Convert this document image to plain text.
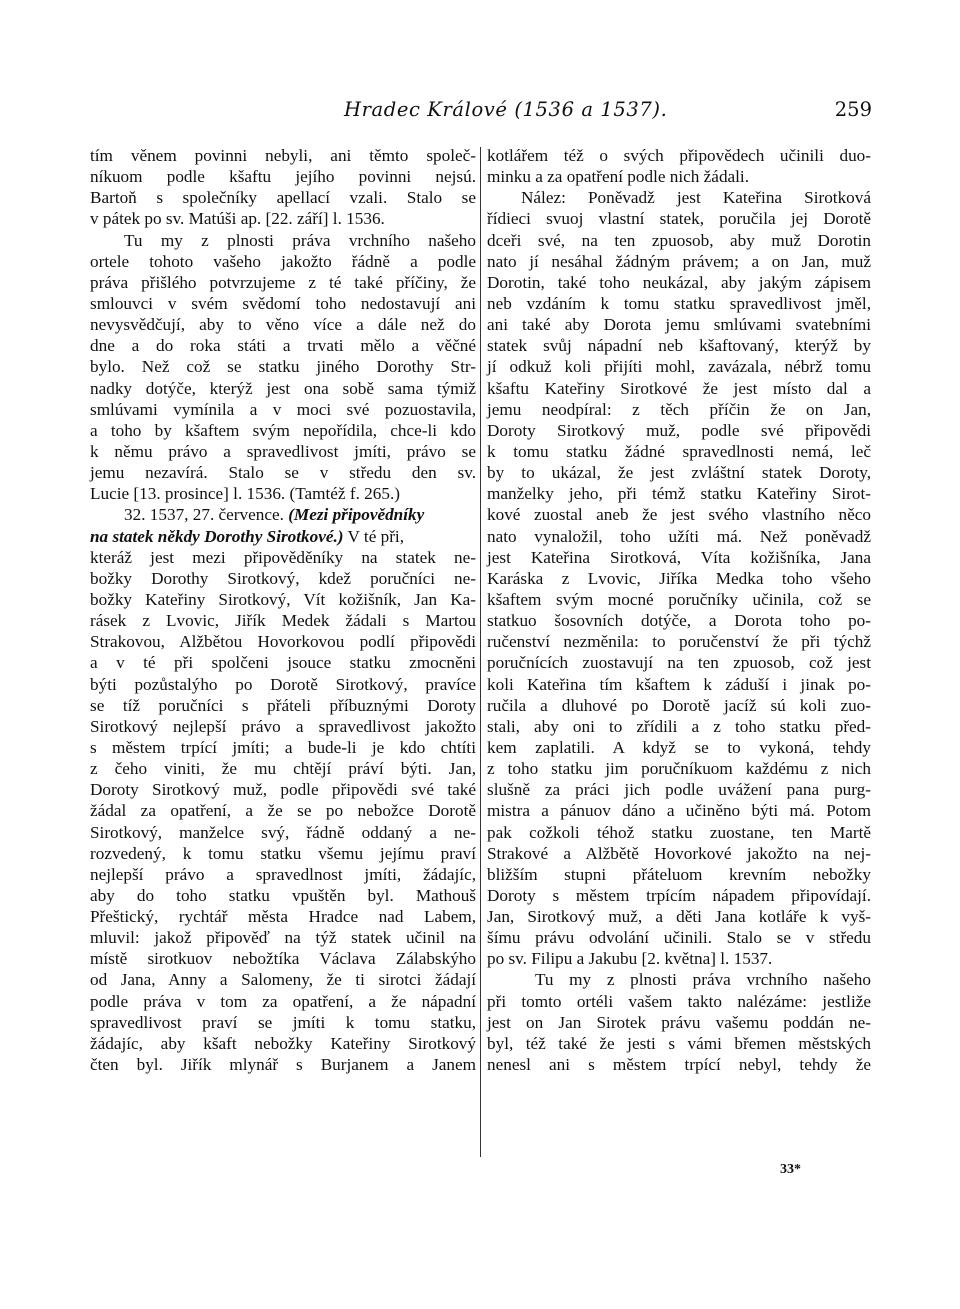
Hradec Králové (1536 a 1537).	259
tím věnem povinni nebyli, ani těmto společ-
níkuom podle kšaftu jejího povinni nejsú.
Bartoň s společníky apellací vzali. Stalo se
v pátek po sv. Matúši ap. [22. září] l. 1536.
Tu my z plnosti práva vrchního našeho
ortele tohoto vašeho jakožto řádně a podle
práva přišlého potvrzujeme z té také příčiny, že
smlouvci v svém svědomí toho nedostavují ani
nevysvědčují, aby to věno více a dále než do
dne a do roka státi a trvati mělo a věčné
bylo. Než což se statku jiného Dorothy Str-
nadky dotýče, kterýž jest ona sobě sama týmiž
smlúvami vymínila a v moci své pozuostavila,
a toho by kšaftem svým nepořídila, chce-li kdo
k němu právo a spravedlivost jmíti, právo se
jemu nezavírá. Stalo se v středu den sv.
Lucie [13. prosince] l. 1536. (Tamtéž f. 265.)
32. 1537, 27. července. (Mezi připovědníky
na statek někdy Dorothy Sirotkové.) V té při,
kteráž jest mezi připověděníky na statek ne-
božky Dorothy Sirotkový, kdež poručníci ne-
božky Kateřiny Sirotkový, Vít kožišník, Jan Ka-
rásek z Lvovic, Jiřík Medek žádali s Martou
Strakovou, Alžbětou Hovorkovou podlí připovědi
a v té při spolčeni jsouce statku zmocněni
býti pozůstalýho po Dorotě Sirotkový, pravíce
se tíž poručníci s přáteli příbuznými Doroty
Sirotkový nejlepší právo a spravedlivost jakožto
s městem trpící jmíti; a bude-li je kdo chtíti
z čeho viniti, že mu chtějí práví býti. Jan,
Doroty Sirotkový muž, podle připovědi své také
žádal za opatření, a že se po nebožce Dorotě
Sirotkový, manželce svý, řádně oddaný a ne-
rozvedený, k tomu statku všemu jejímu praví
nejlepší právo a spravedlnost jmíti, žádajíc,
aby do toho statku vpuštěn byl. Mathouš
Přeštický, rychtář města Hradce nad Labem,
mluvil: jakož připověď na týž statek učinil na
místě sirotkuov nebožtíka Václava Zálabskýho
od Jana, Anny a Salomeny, že ti sirotci žádají
podle práva v tom za opatření, a že nápadní
spravedlivost praví se jmíti k tomu statku,
žádajíc, aby kšaft nebožky Kateřiny Sirotkový
čten byl. Jiřík mlynář s Burjanem a Janem
kotlářem též o svých připovědech učinili duo-
minku a za opatření podle nich žádali.
Nález: Poněvadž jest Kateřina Sirotková
řídieci svuoj vlastní statek, poručila jej Dorotě
dceři své, na ten zpuosob, aby muž Dorotin
nato jí nesáhal žádným právem; a on Jan, muž
Dorotin, také toho neukázal, aby jakým zápisem
neb vzdáním k tomu statku spravedlivost jměl,
ani také aby Dorota jemu smlúvami svatebními
statek svůj nápadní neb kšaftovaný, kterýž by
jí odkuž koli přijíti mohl, zavázala, nébrž tomu
kšaftu Kateřiny Sirotkové že jest místo dal a
jemu neodpíral: z těch příčin že on Jan,
Doroty Sirotkový muž, podle své připovědi
k tomu statku žádné spravedlnosti nemá, leč
by to ukázal, že jest zvláštní statek Doroty,
manželky jeho, při témž statku Kateřiny Sirot-
kové zuostal aneb že jest svého vlastního něco
nato vynaložil, toho užíti má. Než poněvadž
jest Kateřina Sirotková, Víta kožišníka, Jana
Karáska z Lvovic, Jiříka Medka toho všeho
kšaftem svým mocné poručníky učinila, což se
statkuo šosovních dotýče, a Dorota toho po-
ručenství nezměnila: to poručenství že při týchž
poručnících zuostavují na ten zpuosob, což jest
koli Kateřina tím kšaftem k záduší i jinak po-
ručila a dluhové po Dorotě jacíž sú koli zuo-
stali, aby oni to zřídili a z toho statku před-
kem zaplatili. A když se to vykoná, tehdy
z toho statku jim poručníkuom každému z nich
slušně za práci jich podle uvážení pana purg-
mistra a pánuov dáno a učiněno býti má. Potom
pak cožkoli téhož statku zuostane, ten Martě
Strakové a Alžbětě Hovorkové jakožto na nej-
bližším stupni přáteluom krevním nebožky
Doroty s městem trpícím nápadem připovídají.
Jan, Sirotkový muž, a děti Jana kotláře k vyš-
šímu právu odvolání učinili. Stalo se v středu
po sv. Filipu a Jakubu [2. května] l. 1537.
Tu my z plnosti práva vrchního našeho
při tomto ortéli vašem takto nalézáme: jestliže
jest on Jan Sirotek právu vašemu poddán ne-
byl, též také že jesti s vámi břemen městských
nenesl ani s městem trpící nebyl, tehdy že
33*
